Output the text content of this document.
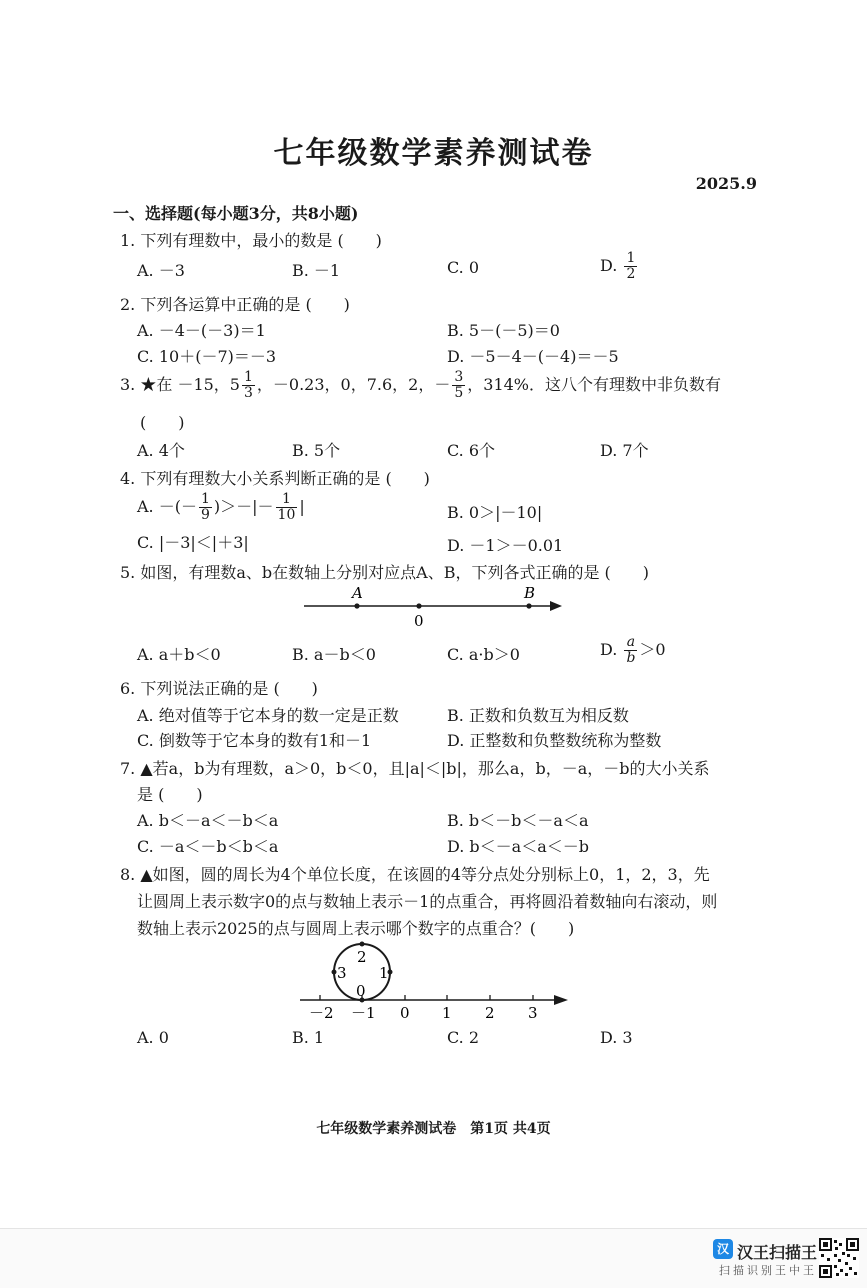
七年级数学素养测试卷
2025.9
一、选择题(每小题3分，共8小题)
1. 下列有理数中，最小的数是 (　　)
A. －3	B. －1	C. 0	D. $\frac{1}{2}$
2. 下列各运算中正确的是 (　　)
A. －4－(－3)＝1	B. 5－(－5)＝0
C. 10＋(－7)＝－3	D. －5－4－(－4)＝－5
3. ★在 －15，$5 \frac{1}{3}$ ，－0.23，0，7.6，2，－ $\frac{3}{5}$ ，314%．这八个有理数中非负数有
(　　)
A. 4个	B. 5个	C. 6个	D. 7个
4. 下列有理数大小关系判断正确的是 (　　)
A. －(－ $\frac{1}{9}$ )＞－|－ $\frac{1}{10}$ |	B. 0＞|－10|
C. |－3|＜|＋3|	D. －1＞－0.01
5. 如图，有理数a、b在数轴上分别对应点A、B，下列各式正确的是 (　　)
A
0
B
A. a＋b＜0	B. a－b＜0	C. a·b＞0	D. $\frac{a}{b} >0$
6. 下列说法正确的是 (　　)
A. 绝对值等于它本身的数一定是正数	B. 正数和负数互为相反数
C. 倒数等于它本身的数有1和－1	D. 正整数和负整数统称为整数
7. ▲若a，b为有理数，a＞0，b＜0，且|a|＜|b|，那么a，b，－a，－b的大小关系
是 (　　)
A. b＜－a＜－b＜a	B. b＜－b＜－a＜a
C. －a＜－b＜b＜a	D. b＜－a＜a＜－b
8. ▲如图，圆的周长为4个单位长度，在该圆的4等分点处分别标上0，1，2，3，先
让圆周上表示数字0的点与数轴上表示－1的点重合，再将圆沿着数轴向右滚动，则
数轴上表示2025的点与圆周上表示哪个数字的点重合？(　　)
0
1
2
3
－2 －1 0 1 2 3
A. 0	B. 1	C. 2	D. 3
七年级数学素养测试卷　第1页 共4页
汉 汉王扫描王
扫描识别王中王
